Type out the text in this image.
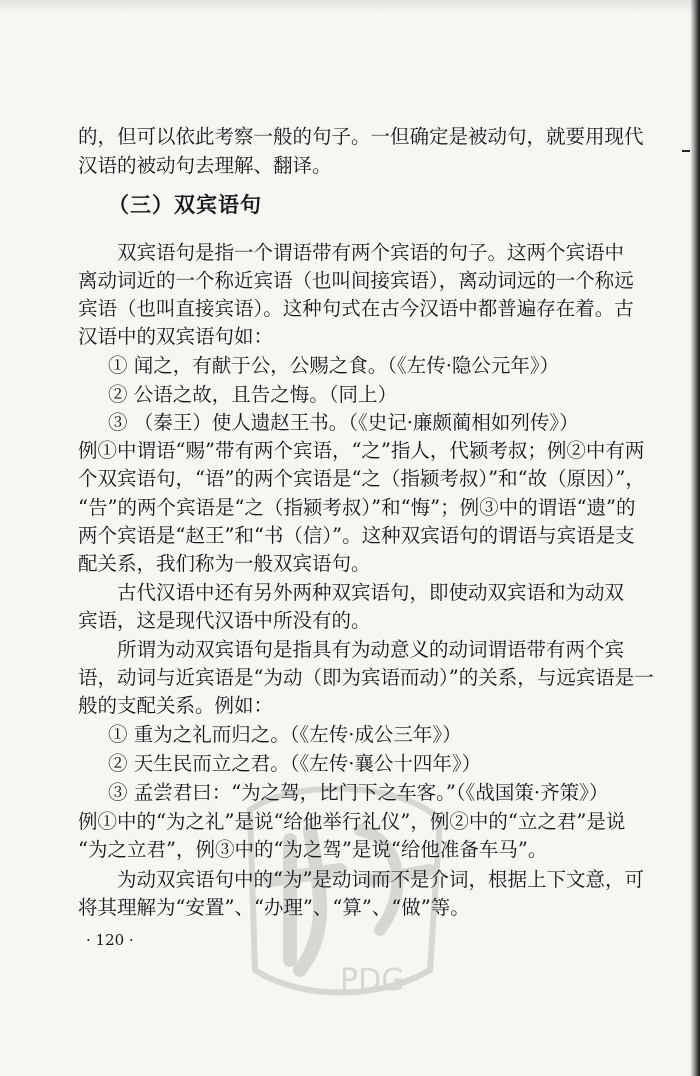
的，但可以依此考察一般的句子。一但确定是被动句，就要用现代
汉语的被动句去理解、翻译。
（三）双宾语句
　　双宾语句是指一个谓语带有两个宾语的句子。这两个宾语中
离动词近的一个称近宾语（也叫间接宾语），离动词远的一个称远
宾语（也叫直接宾语）。这种句式在古今汉语中都普遍存在着。古
汉语中的双宾语句如：
① 闻之，有献于公，公赐之食。（《左传·隐公元年》）
② 公语之故，且告之悔。（同上）
③ （秦王）使人遗赵王书。（《史记·廉颇蔺相如列传》）
例①中谓语“赐”带有两个宾语，“之”指人，代颍考叔；例②中有两
个双宾语句，“语”的两个宾语是“之（指颍考叔）”和“故（原因）”，
“告”的两个宾语是“之（指颍考叔）”和“悔”；例③中的谓语“遗”的
两个宾语是“赵王”和“书（信）”。这种双宾语句的谓语与宾语是支
配关系，我们称为一般双宾语句。
　　古代汉语中还有另外两种双宾语句，即使动双宾语和为动双
宾语，这是现代汉语中所没有的。
　　所谓为动双宾语句是指具有为动意义的动词谓语带有两个宾
语，动词与近宾语是“为动（即为宾语而动）”的关系，与远宾语是一
般的支配关系。例如：
① 重为之礼而归之。（《左传·成公三年》）
② 天生民而立之君。（《左传·襄公十四年》）
③ 孟尝君曰：“为之驾，比门下之车客。”（《战国策·齐策》）
例①中的“为之礼”是说“给他举行礼仪”，例②中的“立之君”是说
“为之立君”，例③中的“为之驾”是说“给他准备车马”。
　　为动双宾语句中的“为”是动词而不是介词，根据上下文意，可
将其理解为“安置”、“办理”、“算”、“做”等。
· 120 ·
PDG
